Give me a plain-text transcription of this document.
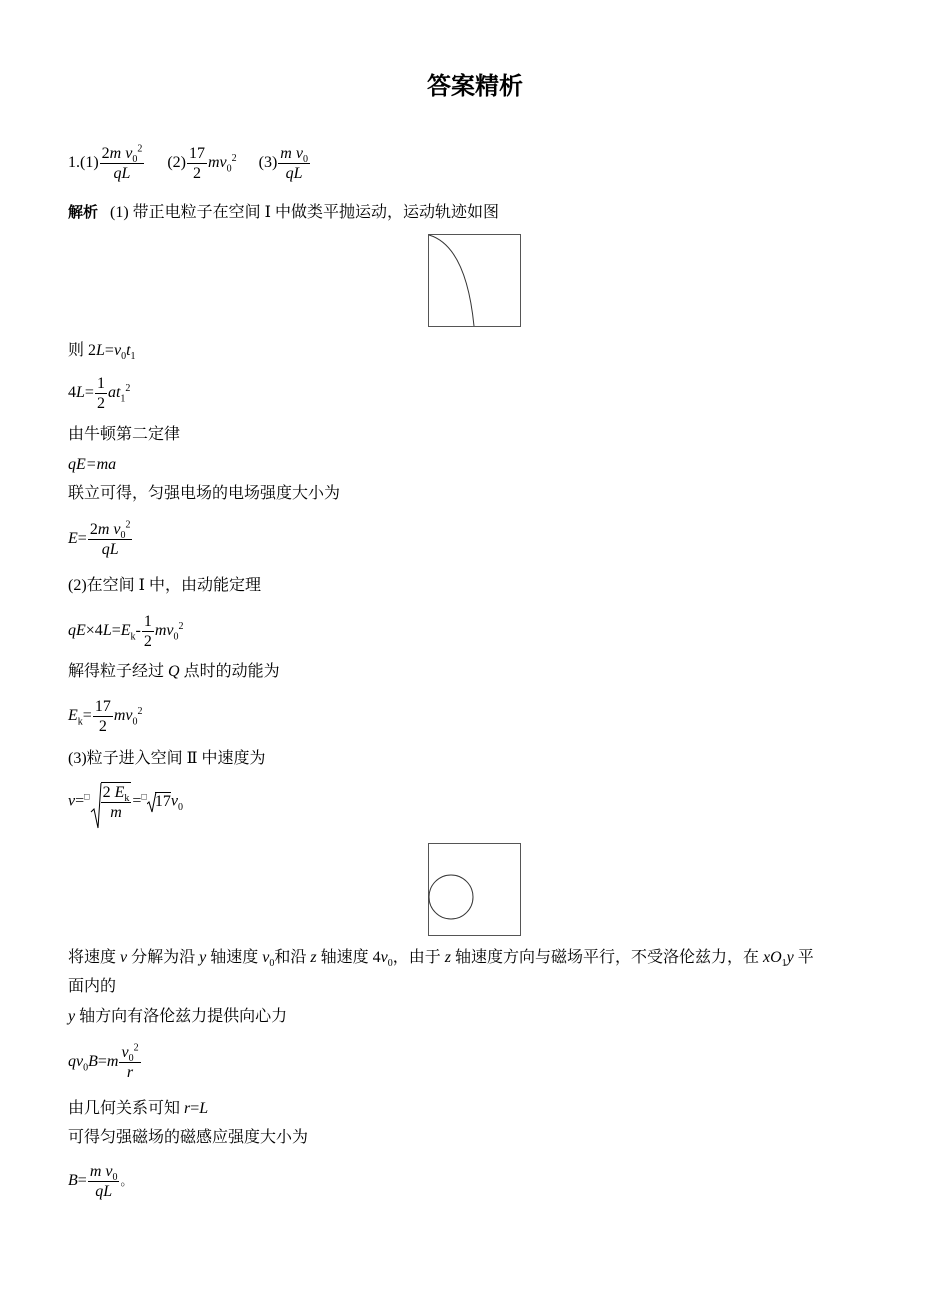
答案精析
$1.(1) \frac{2m v_0^2}{qL} (2) \frac{17}{2} mv_0^2$ $(3) \frac{m v_0}{qL}$
解析 (1) 带正电粒子在空间 Ⅰ 中做类平抛运动，运动轨迹如图
则 $2L=v_0t_1$
$4L= \frac{1}{2} at_1^2$
由牛顿第二定律
qE=ma
联立可得，匀强电场的电场强度大小为
$E= \frac{2m v_0^2}{qL}$
(2)在空间 Ⅰ 中，由动能定理
$qE\times 4L=E_k- \frac{1}{2} mv_0^2$
解得粒子经过 Q 点时的动能为
$E_k= \frac{17}{2} mv_0^2$
(3)粒子进入空间 Ⅱ 中速度为
$v=^□ \frac{2 E_k}{m} =^□$ $17v_0$
将速度 v 分解为沿 y 轴速度 $v_0$和沿 z 轴速度 $4v_0$，由于 z 轴速度方向与磁场平行，不受洛伦兹力，在 $xO_1y$ 平
面内的
y 轴方向有洛伦兹力提供向心力
$qv_0B=m \frac{v_0^2}{r}$
由几何关系可知 r=L
可得匀强磁场的磁感应强度大小为
$B= \frac{m v_0}{qL}$ 。
